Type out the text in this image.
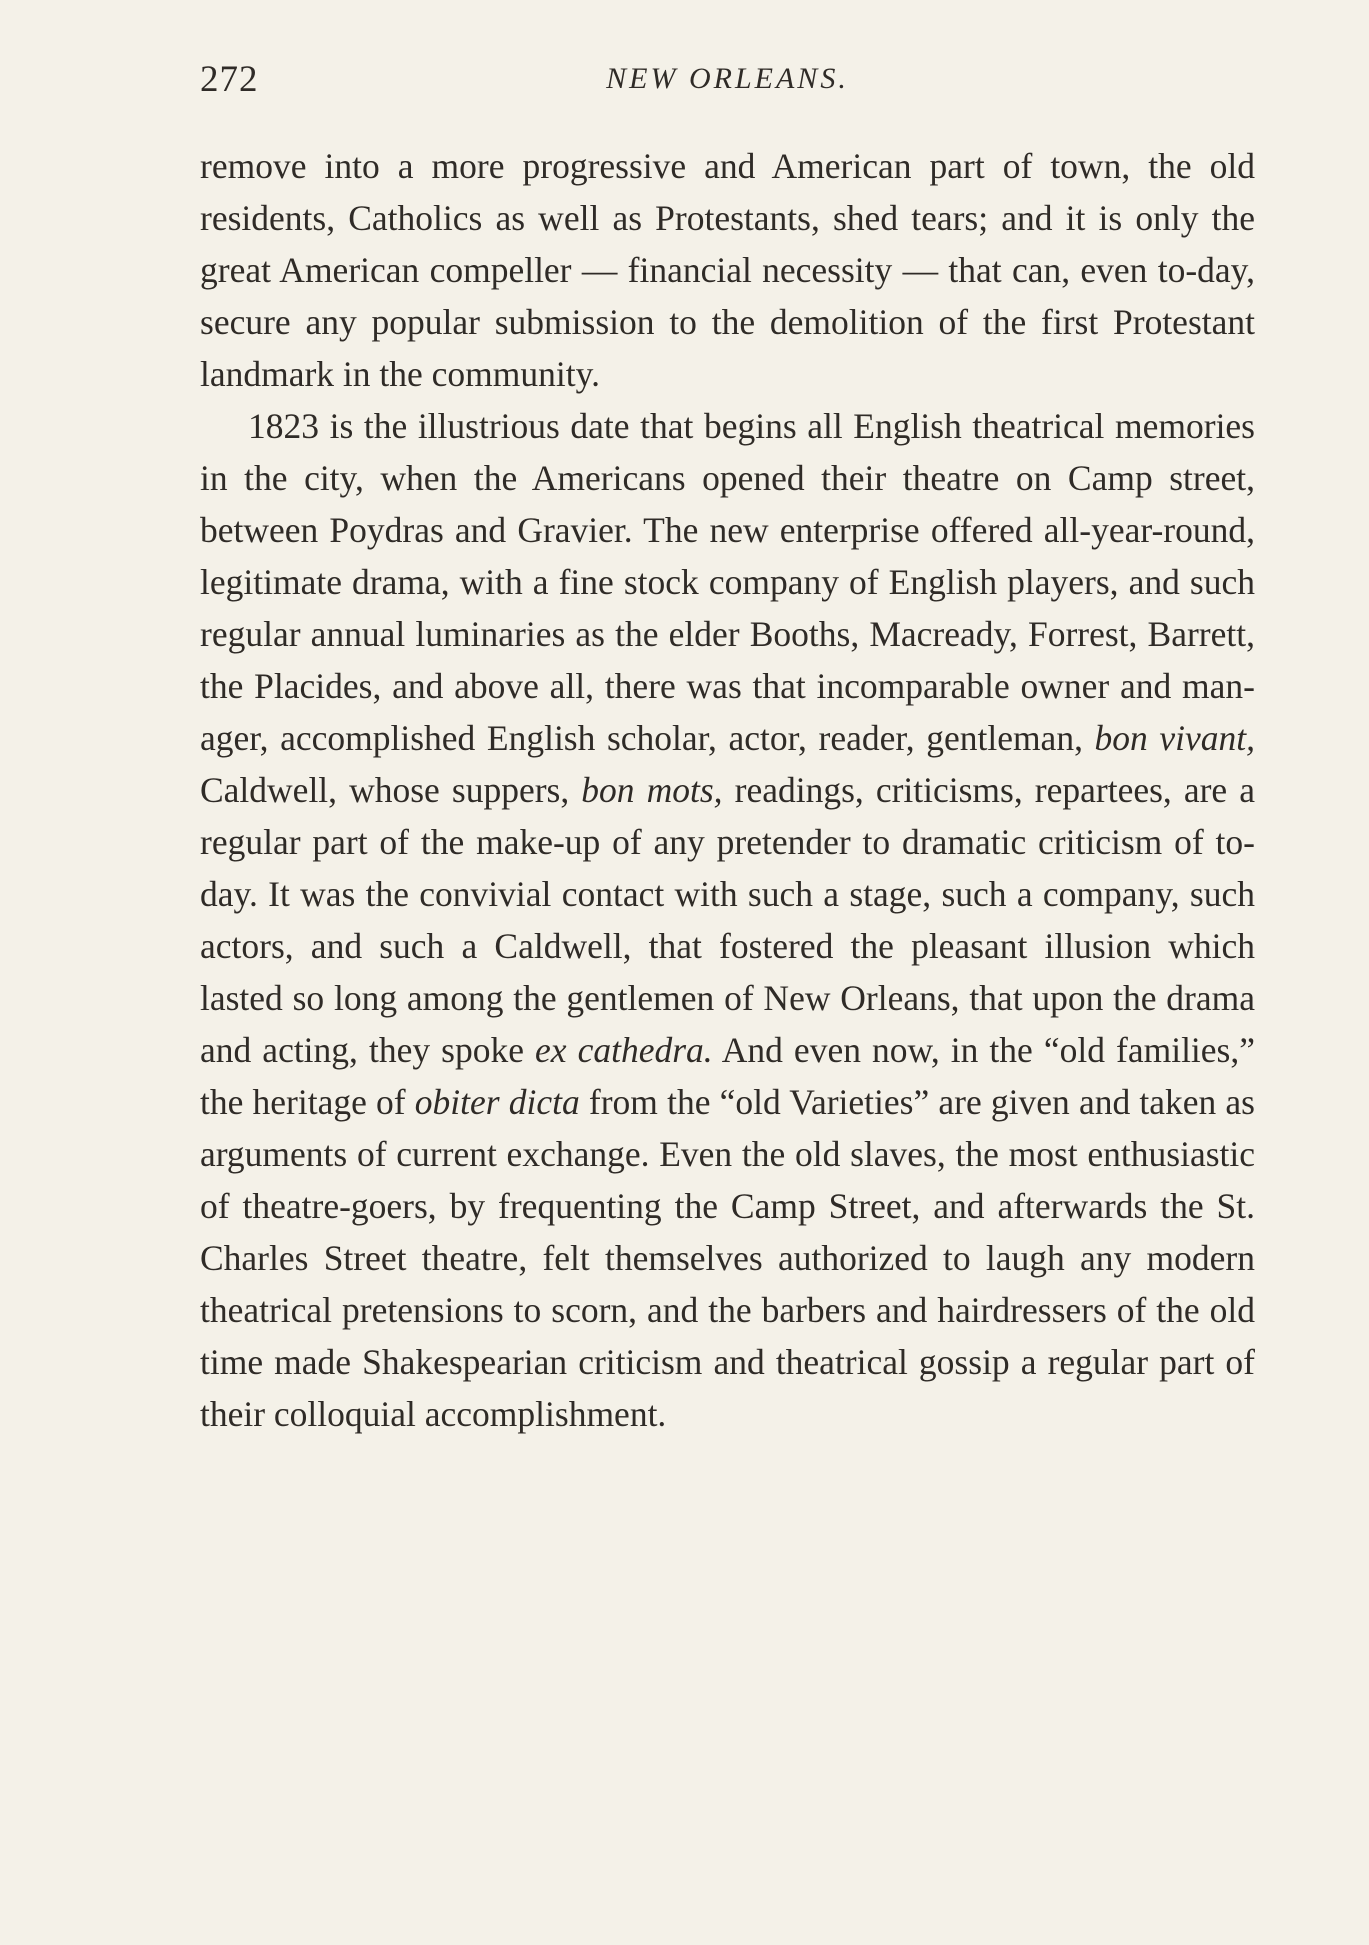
272	NEW ORLEANS.

remove into a more progressive and American part of town, the old residents, Catholics as well as Protestants, shed tears; and it is only the great American compeller — financial necessity — that can, even to-day, secure any popular submission to the demolition of the first Protestant landmark in the community.

1823 is the illustrious date that begins all English theatrical memories in the city, when the Americans opened their theatre on Camp street, between Poydras and Gravier. The new enterprise offered all-year-round, legitimate drama, with a fine stock company of English players, and such regular annual luminaries as the elder Booths, Macready, Forrest, Barrett, the Placides, and above all, there was that incomparable owner and manager, accomplished English scholar, actor, reader, gentleman, bon vivant, Caldwell, whose suppers, bon mots, readings, criticisms, repartees, are a regular part of the make-up of any pretender to dramatic criticism of to-day. It was the convivial contact with such a stage, such a company, such actors, and such a Caldwell, that fostered the pleasant illusion which lasted so long among the gentlemen of New Orleans, that upon the drama and acting, they spoke ex cathedra. And even now, in the “old families,” the heritage of obiter dicta from the “old Varieties” are given and taken as arguments of current exchange. Even the old slaves, the most enthusiastic of theatre-goers, by frequenting the Camp Street, and afterwards the St. Charles Street theatre, felt themselves authorized to laugh any modern theatrical pretensions to scorn, and the barbers and hairdressers of the old time made Shakespearian criticism and theatrical gossip a regular part of their colloquial accomplishment.
